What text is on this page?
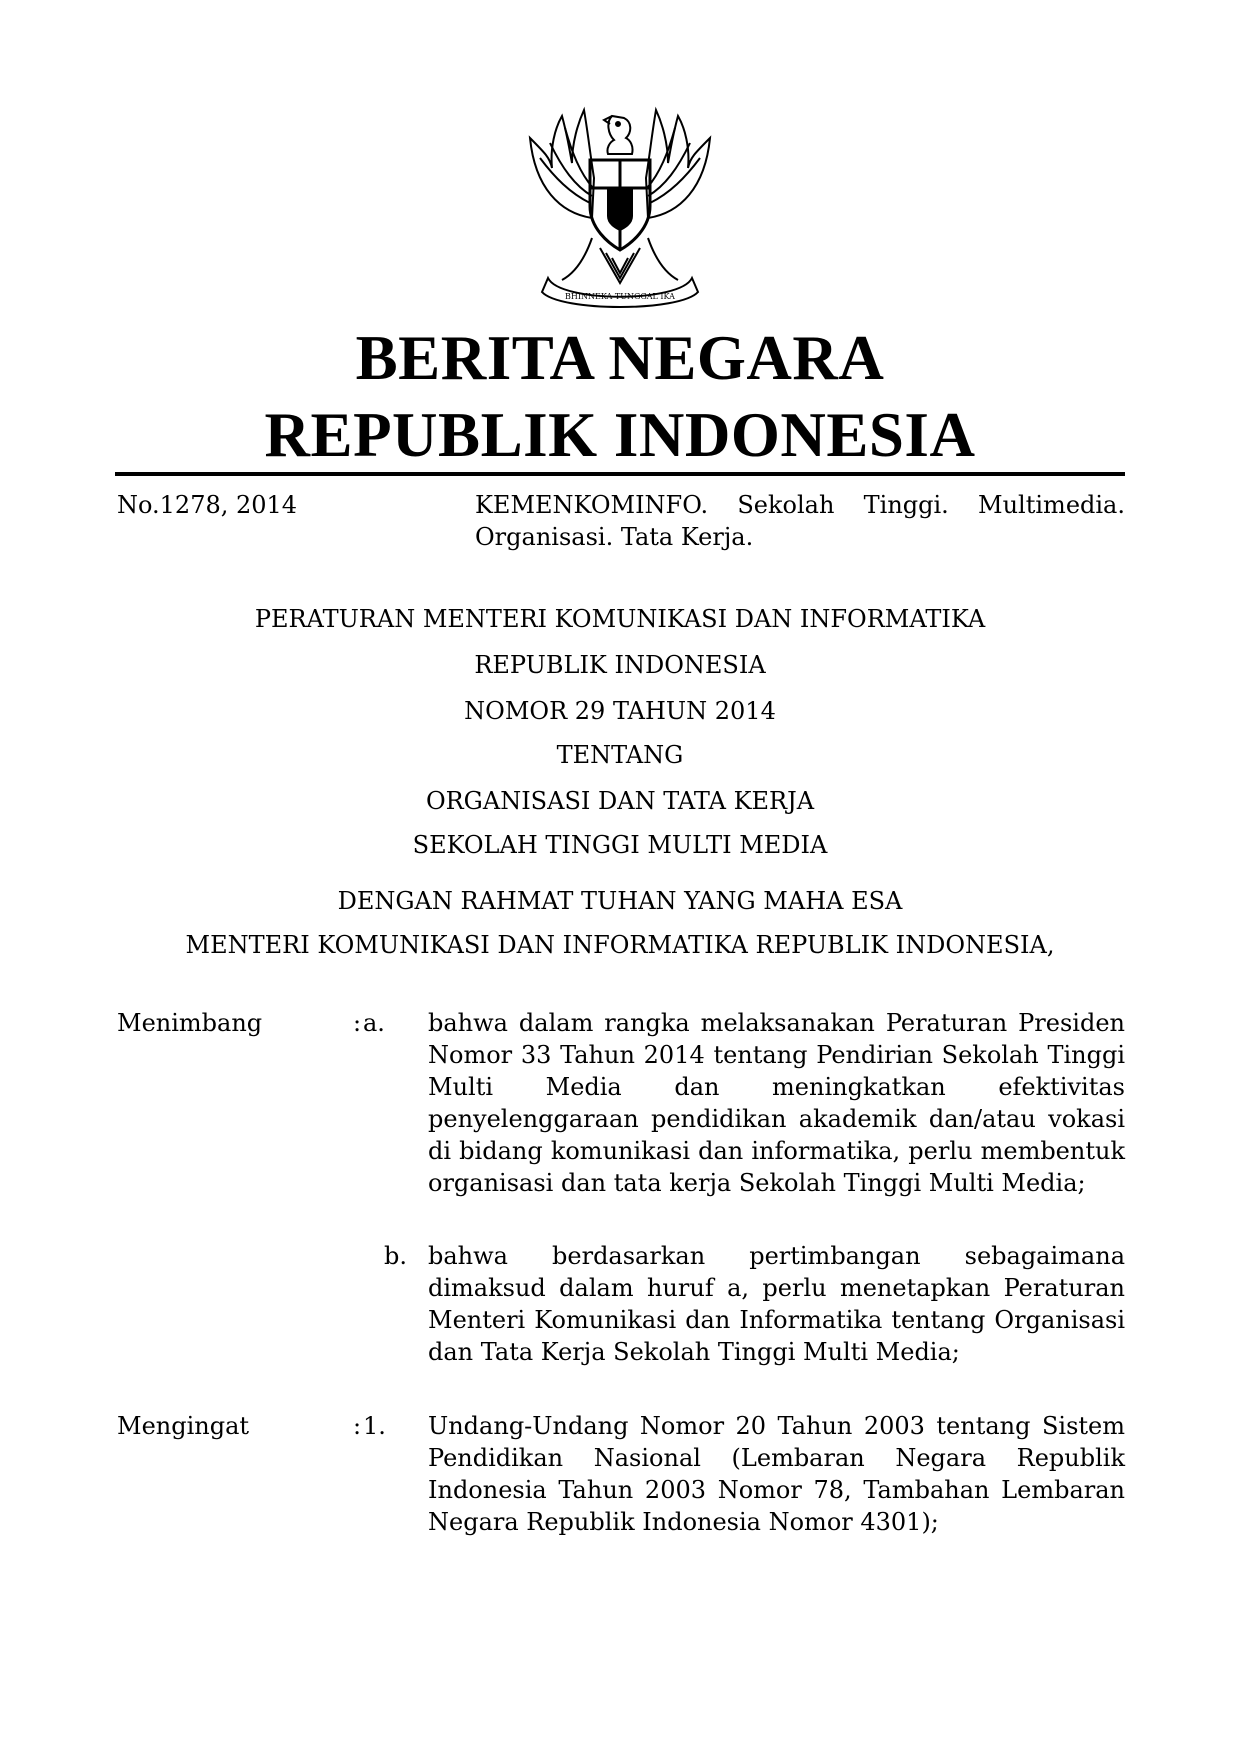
BHINNEKA TUNGGAL IKA
BERITA NEGARA
REPUBLIK INDONESIA
No.1278, 2014	KEMENKOMINFO. Sekolah Tinggi. Multimedia. Organisasi. Tata Kerja.
PERATURAN MENTERI KOMUNIKASI DAN INFORMATIKA
REPUBLIK INDONESIA
NOMOR 29 TAHUN 2014
TENTANG
ORGANISASI DAN TATA KERJA
SEKOLAH TINGGI MULTI MEDIA
DENGAN RAHMAT TUHAN YANG MAHA ESA
MENTERI KOMUNIKASI DAN INFORMATIKA REPUBLIK INDONESIA,
Menimbang	: a. bahwa dalam rangka melaksanakan Peraturan Presiden Nomor 33 Tahun 2014 tentang Pendirian Sekolah Tinggi Multi Media dan meningkatkan efektivitas penyelenggaraan pendidikan akademik dan/atau vokasi di bidang komunikasi dan informatika, perlu membentuk organisasi dan tata kerja Sekolah Tinggi Multi Media;
b. bahwa berdasarkan pertimbangan sebagaimana dimaksud dalam huruf a, perlu menetapkan Peraturan Menteri Komunikasi dan Informatika tentang Organisasi dan Tata Kerja Sekolah Tinggi Multi Media;
Mengingat	: 1. Undang-Undang Nomor 20 Tahun 2003 tentang Sistem Pendidikan Nasional (Lembaran Negara Republik Indonesia Tahun 2003 Nomor 78, Tambahan Lembaran Negara Republik Indonesia Nomor 4301);
